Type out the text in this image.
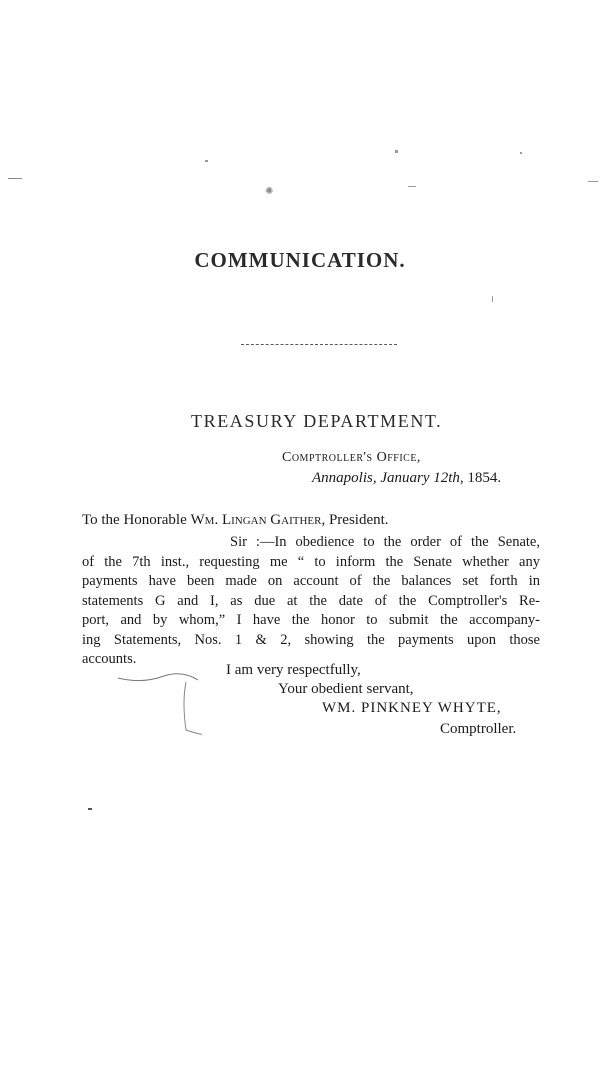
✺
COMMUNICATION.
TREASURY DEPARTMENT.
Comptroller's Office,
Annapolis, January 12th, 1854.
To the Honorable Wm. Lingan Gaither, President.
Sir :—In obedience to the order of the Senate,
of the 7th inst., requesting me “ to inform the Senate whether any
payments have been made on account of the balances set forth in
statements G and I, as due at the date of the Comptroller's Re-
port, and by whom,” I have the honor to submit the accompany-
ing Statements, Nos. 1 & 2, showing the payments upon those
accounts.
I am very respectfully,
Your obedient servant,
WM. PINKNEY WHYTE,
Comptroller.
